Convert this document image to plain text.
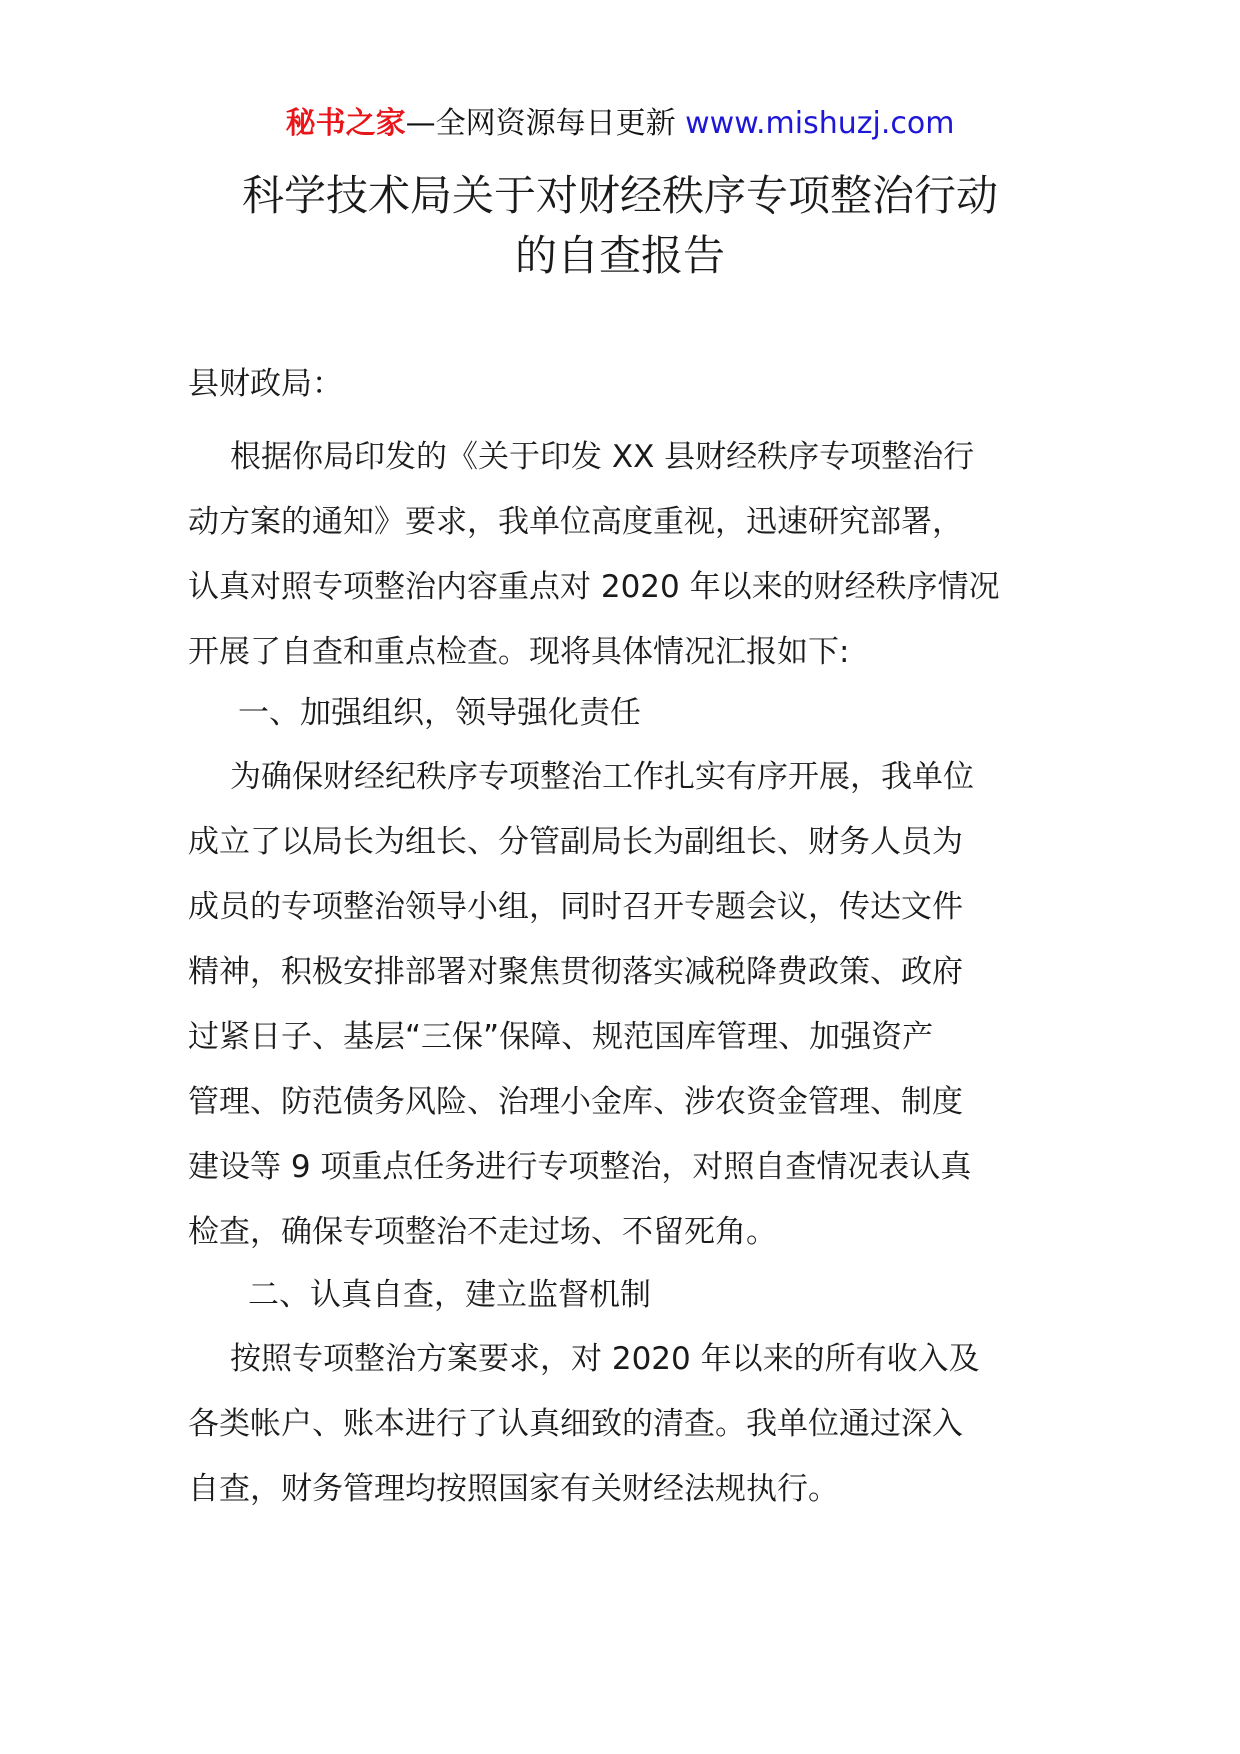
秘书之家—全网资源每日更新 www.mishuzj.com
科学技术局关于对财经秩序专项整治行动
的自查报告
县财政局：
根据你局印发的《关于印发 XX 县财经秩序专项整治行
动方案的通知》要求，我单位高度重视，迅速研究部署，
认真对照专项整治内容重点对 2020 年以来的财经秩序情况
开展了自查和重点检查。现将具体情况汇报如下:
一、加强组织，领导强化责任
为确保财经纪秩序专项整治工作扎实有序开展，我单位
成立了以局长为组长、分管副局长为副组长、财务人员为
成员的专项整治领导小组，同时召开专题会议，传达文件
精神，积极安排部署对聚焦贯彻落实减税降费政策、政府
过紧日子、基层“三保”保障、规范国库管理、加强资产
管理、防范债务风险、治理小金库、涉农资金管理、制度
建设等 9 项重点任务进行专项整治，对照自查情况表认真
检查，确保专项整治不走过场、不留死角。
二、认真自查，建立监督机制
按照专项整治方案要求，对 2020 年以来的所有收入及
各类帐户、账本进行了认真细致的清查。我单位通过深入
自查，财务管理均按照国家有关财经法规执行。
